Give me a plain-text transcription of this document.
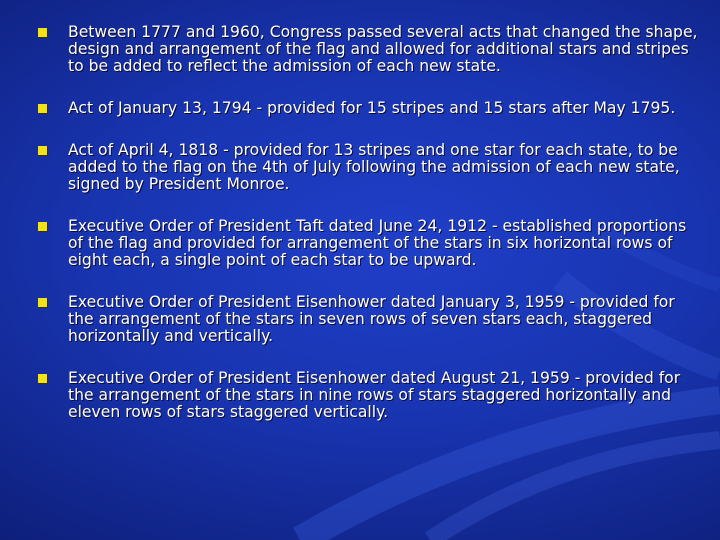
Between 1777 and 1960, Congress passed several acts that changed the shape, design and arrangement of the flag and allowed for additional stars and stripes to be added to reflect the admission of each new state.
Act of January 13, 1794 - provided for 15 stripes and 15 stars after May 1795.
Act of April 4, 1818 - provided for 13 stripes and one star for each state, to be added to the flag on the 4th of July following the admission of each new state, signed by President Monroe.
Executive Order of President Taft dated June 24, 1912 - established proportions of the flag and provided for arrangement of the stars in six horizontal rows of eight each, a single point of each star to be upward.
Executive Order of President Eisenhower dated January 3, 1959 - provided for the arrangement of the stars in seven rows of seven stars each, staggered horizontally and vertically.
Executive Order of President Eisenhower dated August 21, 1959 - provided for the arrangement of the stars in nine rows of stars staggered horizontally and eleven rows of stars staggered vertically.
